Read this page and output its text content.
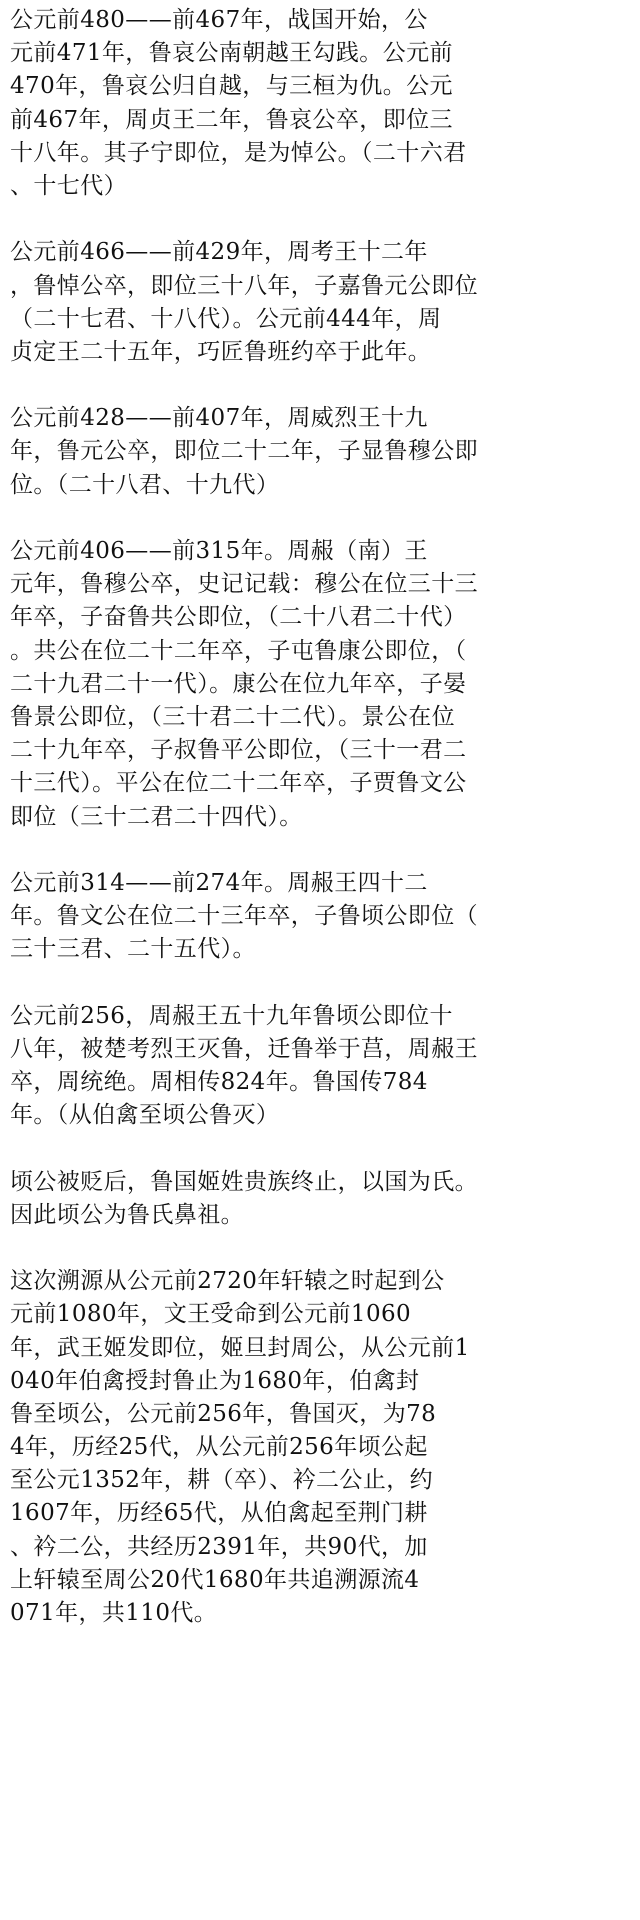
公元前480——前467年，战国开始，公
元前471年，鲁哀公南朝越王勾践。公元前
470年，鲁哀公归自越，与三桓为仇。公元
前467年，周贞王二年，鲁哀公卒，即位三
十八年。其子宁即位，是为悼公。（二十六君
、十七代）
公元前466——前429年，周考王十二年
，鲁悼公卒，即位三十八年，子嘉鲁元公即位
（二十七君、十八代）。公元前444年，周
贞定王二十五年，巧匠鲁班约卒于此年。
公元前428——前407年，周威烈王十九
年，鲁元公卒，即位二十二年，子显鲁穆公即
位。（二十八君、十九代）
公元前406——前315年。周赧（南）王
元年，鲁穆公卒，史记记载：穆公在位三十三
年卒，子奋鲁共公即位，（二十八君二十代）
。共公在位二十二年卒，子屯鲁康公即位，（
二十九君二十一代）。康公在位九年卒，子晏
鲁景公即位，（三十君二十二代）。景公在位
二十九年卒，子叔鲁平公即位，（三十一君二
十三代）。平公在位二十二年卒，子贾鲁文公
即位（三十二君二十四代）。
公元前314——前274年。周赧王四十二
年。鲁文公在位二十三年卒，子鲁顷公即位（
三十三君、二十五代）。
公元前256，周赧王五十九年鲁顷公即位十
八年，被楚考烈王灭鲁，迁鲁举于莒，周赧王
卒，周统绝。周相传824年。鲁国传784
年。（从伯禽至顷公鲁灭）
顷公被贬后，鲁国姬姓贵族终止，以国为氏。
因此顷公为鲁氏鼻祖。
这次溯源从公元前2720年轩辕之时起到公
元前1080年，文王受命到公元前1060
年，武王姬发即位，姬旦封周公，从公元前1
040年伯禽授封鲁止为1680年，伯禽封
鲁至顷公，公元前256年，鲁国灭，为78
4年，历经25代，从公元前256年顷公起
至公元1352年，耕（卒）、衿二公止，约
1607年，历经65代，从伯禽起至荆门耕
、衿二公，共经历2391年，共90代，加
上轩辕至周公20代1680年共追溯源流4
071年，共110代。
